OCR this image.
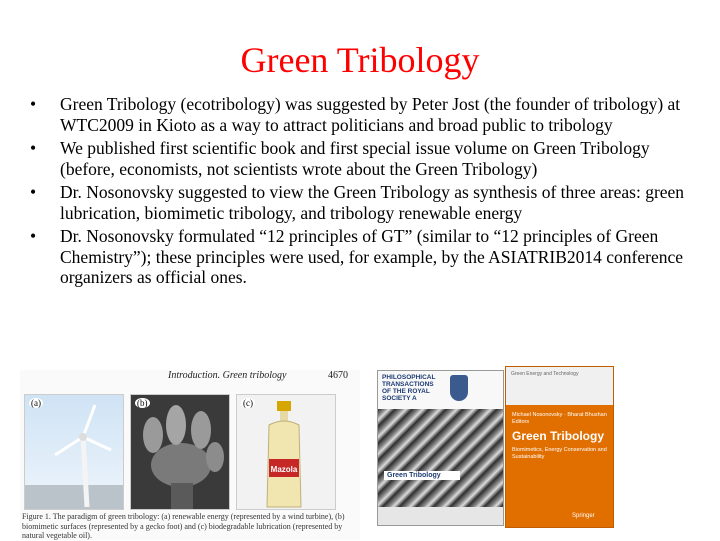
Green Tribology
• Green Tribology (ecotribology) was suggested by Peter Jost (the founder of tribology) at WTC2009 in Kioto as a way to attract politicians and broad public to tribology
• We published first scientific book and first special issue volume on Green Tribology (before, economists, not scientists wrote about the Green Tribology)
• Dr. Nosonovsky suggested to view the Green Tribology as synthesis of three areas: green lubrication, biomimetic tribology, and tribology renewable energy
• Dr. Nosonovsky formulated “12 principles of GT” (similar to “12 principles of Green Chemistry”); these principles were used, for example, by the ASIATRIB2014 conference organizers as official ones.
Introduction. Green tribology	4670
(a)	(b)	(c)
Mazola
Figure 1. The paradigm of green tribology: (a) renewable energy (represented by a wind turbine), (b) biomimetic surfaces (represented by a gecko foot) and (c) biodegradable lubrication (represented by natural vegetable oil).
PHILOSOPHICAL TRANSACTIONS OF THE ROYAL SOCIETY A
Green Tribology
Green Energy and Technology
Michael Nosonovsky · Bharat Bhushan Editors
Green Tribology
Biomimetics, Energy Conservation and Sustainability
Springer
